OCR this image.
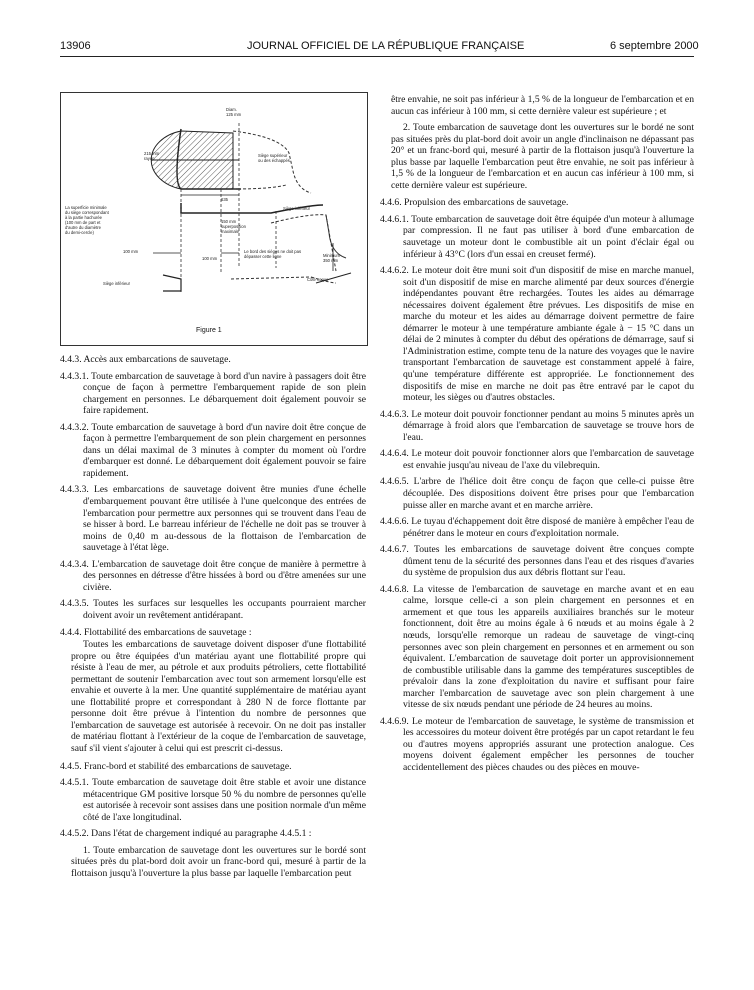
13906	JOURNAL OFFICIEL DE LA RÉPUBLIQUE FRANÇAISE	6 septembre 2000
Diam.
125 mm
215 mm
rayon
Siège supérieur
ou des échappés
635
La superficie minimale
du siège correspondant
à la partie hachurée
(100 mm de part et
d'autre du diamètre
du demi-cercle)
150 mm
superposition
maximale
Siège inférieur
100 mm
100 mm
Le bord des sièges ne doit pas
dépasser cette ligne	Minimum
350 mm
Siège inférieur
Côté coque
Figure 1

4.4.3. Accès aux embarcations de sauvetage.

4.4.3.1. Toute embarcation de sauvetage à bord d'un navire à passagers doit être conçue de façon à permettre l'embarquement rapide de son plein chargement en personnes. Le débarquement doit également pouvoir se faire rapidement.

4.4.3.2. Toute embarcation de sauvetage à bord d'un navire doit être conçue de façon à permettre l'embarquement de son plein chargement en personnes dans un délai maximal de 3 minutes à compter du moment où l'ordre d'embarquer est donné. Le débarquement doit également pouvoir se faire rapidement.

4.4.3.3. Les embarcations de sauvetage doivent être munies d'une échelle d'embarquement pouvant être utilisée à l'une quelconque des entrées de l'embarcation pour permettre aux personnes qui se trouvent dans l'eau de se hisser à bord. Le barreau inférieur de l'échelle ne doit pas se trouver à moins de 0,40 m au-dessous de la flottaison de l'embarcation de sauvetage à l'état lège.

4.4.3.4. L'embarcation de sauvetage doit être conçue de manière à permettre à des personnes en détresse d'être hissées à bord ou d'être amenées sur une civière.

4.4.3.5. Toutes les surfaces sur lesquelles les occupants pourraient marcher doivent avoir un revêtement antidérapant.

4.4.4. Flottabilité des embarcations de sauvetage :

Toutes les embarcations de sauvetage doivent disposer d'une flottabilité propre ou être équipées d'un matériau ayant une flottabilité propre qui résiste à l'eau de mer, au pétrole et aux produits pétroliers, cette flottabilité permettant de soutenir l'embarcation avec tout son armement lorsqu'elle est envahie et ouverte à la mer. Une quantité supplémentaire de matériau ayant une flottabilité propre et correspondant à 280 N de force flottante par personne doit être prévue à l'intention du nombre de personnes que l'embarcation de sauvetage est autorisée à recevoir. On ne doit pas installer de matériau flottant à l'extérieur de la coque de l'embarcation de sauvetage, sauf s'il vient s'ajouter à celui qui est prescrit ci-dessus.

4.4.5. Franc-bord et stabilité des embarcations de sauvetage.

4.4.5.1. Toute embarcation de sauvetage doit être stable et avoir une distance métacentrique GM positive lorsque 50 % du nombre de personnes qu'elle est autorisée à recevoir sont assises dans une position normale d'un même côté de l'axe longitudinal.

4.4.5.2. Dans l'état de chargement indiqué au paragraphe 4.4.5.1 :

1. Toute embarcation de sauvetage dont les ouvertures sur le bordé sont situées près du plat-bord doit avoir un franc-bord qui, mesuré à partir de la flottaison jusqu'à l'ouverture la plus basse par laquelle l'embarcation peut

être envahie, ne soit pas inférieur à 1,5 % de la longueur de l'embarcation et en aucun cas inférieur à 100 mm, si cette dernière valeur est supérieure ; et

2. Toute embarcation de sauvetage dont les ouvertures sur le bordé ne sont pas situées près du plat-bord doit avoir un angle d'inclinaison ne dépassant pas 20° et un franc-bord qui, mesuré à partir de la flottaison jusqu'à l'ouverture la plus basse par laquelle l'embarcation peut être envahie, ne soit pas inférieur à 1,5 % de la longueur de l'embarcation et en aucun cas inférieur à 100 mm, si cette dernière valeur est supérieure.

4.4.6. Propulsion des embarcations de sauvetage.

4.4.6.1. Toute embarcation de sauvetage doit être équipée d'un moteur à allumage par compression. Il ne faut pas utiliser à bord d'une embarcation de sauvetage un moteur dont le combustible ait un point d'éclair égal ou inférieur à 43°C (lors d'un essai en creuset fermé).

4.4.6.2. Le moteur doit être muni soit d'un dispositif de mise en marche manuel, soit d'un dispositif de mise en marche alimenté par deux sources d'énergie indépendantes pouvant être rechargées. Toutes les aides au démarrage nécessaires doivent également être prévues. Les dispositifs de mise en marche du moteur et les aides au démarrage doivent permettre de faire démarrer le moteur à une température ambiante égale à − 15 °C dans un délai de 2 minutes à compter du début des opérations de démarrage, sauf si l'Administration estime, compte tenu de la nature des voyages que le navire transportant l'embarcation de sauvetage est constamment appelé à faire, qu'une température différente est appropriée. Le fonctionnement des dispositifs de mise en marche ne doit pas être entravé par le capot du moteur, les sièges ou d'autres obstacles.

4.4.6.3. Le moteur doit pouvoir fonctionner pendant au moins 5 minutes après un démarrage à froid alors que l'embarcation de sauvetage se trouve hors de l'eau.

4.4.6.4. Le moteur doit pouvoir fonctionner alors que l'embarcation de sauvetage est envahie jusqu'au niveau de l'axe du vilebrequin.

4.4.6.5. L'arbre de l'hélice doit être conçu de façon que celle-ci puisse être découplée. Des dispositions doivent être prises pour que l'embarcation puisse aller en marche avant et en marche arrière.

4.4.6.6. Le tuyau d'échappement doit être disposé de manière à empêcher l'eau de pénétrer dans le moteur en cours d'exploitation normale.

4.4.6.7. Toutes les embarcations de sauvetage doivent être conçues compte dûment tenu de la sécurité des personnes dans l'eau et des risques d'avaries du système de propulsion dus aux débris flottant sur l'eau.

4.4.6.8. La vitesse de l'embarcation de sauvetage en marche avant et en eau calme, lorsque celle-ci a son plein chargement en personnes et en armement et que tous les appareils auxiliaires branchés sur le moteur fonctionnent, doit être au moins égale à 6 nœuds et au moins égale à 2 nœuds, lorsqu'elle remorque un radeau de sauvetage de vingt-cinq personnes avec son plein chargement en personnes et en armement ou son équivalent. L'embarcation de sauvetage doit porter un approvisionnement de combustible utilisable dans la gamme des températures susceptibles de prévaloir dans la zone d'exploitation du navire et suffisant pour faire marcher l'embarcation de sauvetage avec son plein chargement à une vitesse de six nœuds pendant une période de 24 heures au moins.

4.4.6.9. Le moteur de l'embarcation de sauvetage, le système de transmission et les accessoires du moteur doivent être protégés par un capot retardant le feu ou d'autres moyens appropriés assurant une protection analogue. Ces moyens doivent également empêcher les personnes de toucher accidentellement des pièces chaudes ou des pièces en mouve-
